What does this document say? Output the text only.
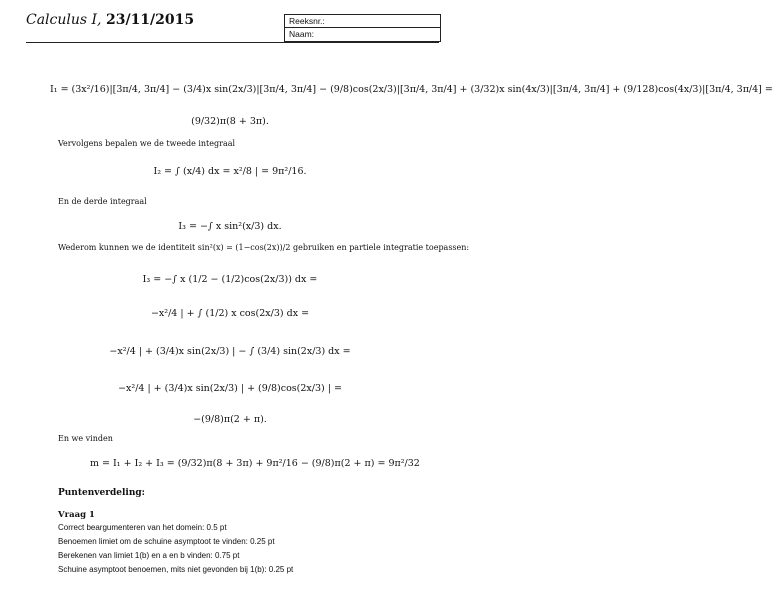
Calculus I, 23/11/2015	Reeksnr.:
Naam:
I₁ = (3x²/16)|[3π/4, 3π/4] − (3/4)x sin(2x/3)|[3π/4, 3π/4] − (9/8)cos(2x/3)|[3π/4, 3π/4] + (3/32)x sin(4x/3)|[3π/4, 3π/4] + (9/128)cos(4x/3)|[3π/4, 3π/4] =
(9/32)π(8 + 3π).
Vervolgens bepalen we de tweede integraal
I₂ = ∫ (x/4) dx = x²/8 | = 9π²/16.
En de derde integraal
I₃ = −∫ x sin²(x/3) dx.
Wederom kunnen we de identiteit sin²(x) = (1−cos(2x))/2 gebruiken en partiele integratie toepassen:
I₃ = −∫ x (1/2 − (1/2)cos(2x/3)) dx =
−x²/4 | + ∫ (1/2) x cos(2x/3) dx =
−x²/4 | + (3/4)x sin(2x/3) | − ∫ (3/4) sin(2x/3) dx =
−x²/4 | + (3/4)x sin(2x/3) | + (9/8)cos(2x/3) | =
−(9/8)π(2 + π).
En we vinden
m = I₁ + I₂ + I₃ = (9/32)π(8 + 3π) + 9π²/16 − (9/8)π(2 + π) = 9π²/32
Puntenverdeling:
Vraag 1
Correct beargumenteren van het domein: 0.5 pt
Benoemen limiet om de schuine asymptoot te vinden: 0.25 pt
Berekenen van limiet 1(b) en a en b vinden: 0.75 pt
Schuine asymptoot benoemen, mits niet gevonden bij 1(b): 0.25 pt
